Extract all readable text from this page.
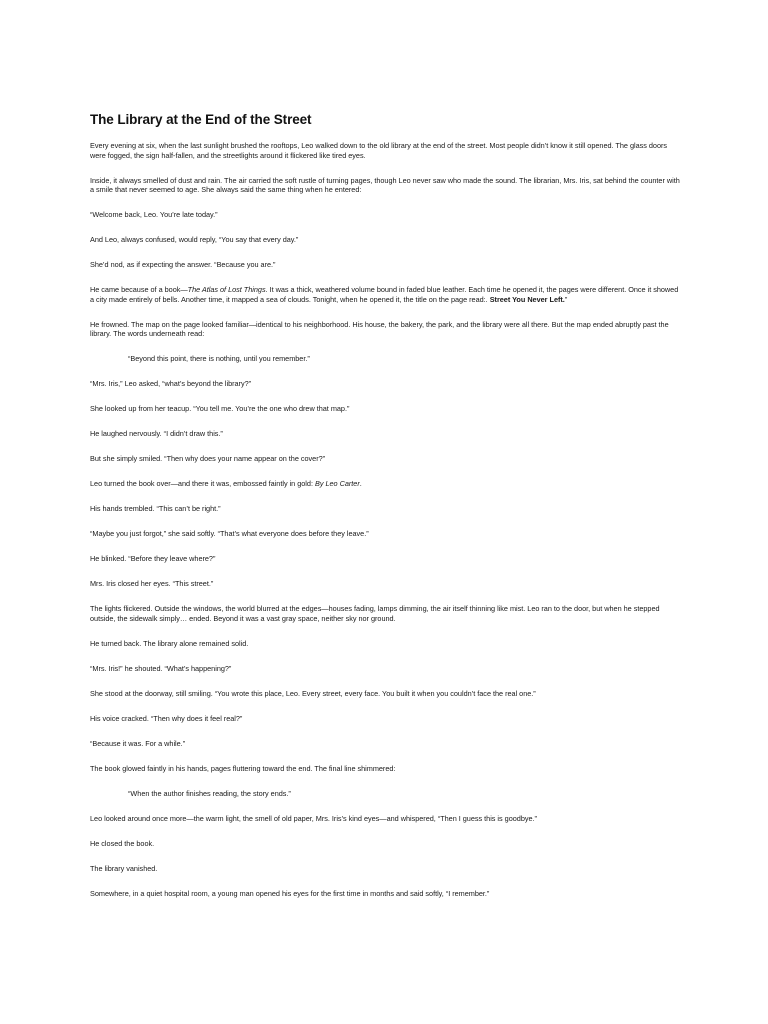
The Library at the End of the Street
Every evening at six, when the last sunlight brushed the rooftops, Leo walked down to the old library at the end of the street. Most people didn’t know it still opened. The glass doors were fogged, the sign half-fallen, and the streetlights around it flickered like tired eyes.
Inside, it always smelled of dust and rain. The air carried the soft rustle of turning pages, though Leo never saw who made the sound. The librarian, Mrs. Iris, sat behind the counter with a smile that never seemed to age. She always said the same thing when he entered:
“Welcome back, Leo. You’re late today.”
And Leo, always confused, would reply, “You say that every day.”
She’d nod, as if expecting the answer. “Because you are.”
He came because of a book—The Atlas of Lost Things. It was a thick, weathered volume bound in faded blue leather. Each time he opened it, the pages were different. Once it showed a city made entirely of bells. Another time, it mapped a sea of clouds. Tonight, when he opened it, the title on the page read:. Street You Never Left.”
He frowned. The map on the page looked familiar—identical to his neighborhood. His house, the bakery, the park, and the library were all there. But the map ended abruptly past the library. The words underneath read:
“Beyond this point, there is nothing, until you remember.”
“Mrs. Iris,” Leo asked, “what’s beyond the library?”
She looked up from her teacup. “You tell me. You’re the one who drew that map.”
He laughed nervously. “I didn’t draw this.”
But she simply smiled. “Then why does your name appear on the cover?”
Leo turned the book over—and there it was, embossed faintly in gold: By Leo Carter.
His hands trembled. “This can’t be right.”
“Maybe you just forgot,” she said softly. “That’s what everyone does before they leave.”
He blinked. “Before they leave where?”
Mrs. Iris closed her eyes. “This street.”
The lights flickered. Outside the windows, the world blurred at the edges—houses fading, lamps dimming, the air itself thinning like mist. Leo ran to the door, but when he stepped outside, the sidewalk simply… ended. Beyond it was a vast gray space, neither sky nor ground.
He turned back. The library alone remained solid.
“Mrs. Iris!” he shouted. “What’s happening?”
She stood at the doorway, still smiling. “You wrote this place, Leo. Every street, every face. You built it when you couldn’t face the real one.”
His voice cracked. “Then why does it feel real?”
“Because it was. For a while.”
The book glowed faintly in his hands, pages fluttering toward the end. The final line shimmered:
“When the author finishes reading, the story ends.”
Leo looked around once more—the warm light, the smell of old paper, Mrs. Iris’s kind eyes—and whispered, “Then I guess this is goodbye.”
He closed the book.
The library vanished.
Somewhere, in a quiet hospital room, a young man opened his eyes for the first time in months and said softly, “I remember.”
